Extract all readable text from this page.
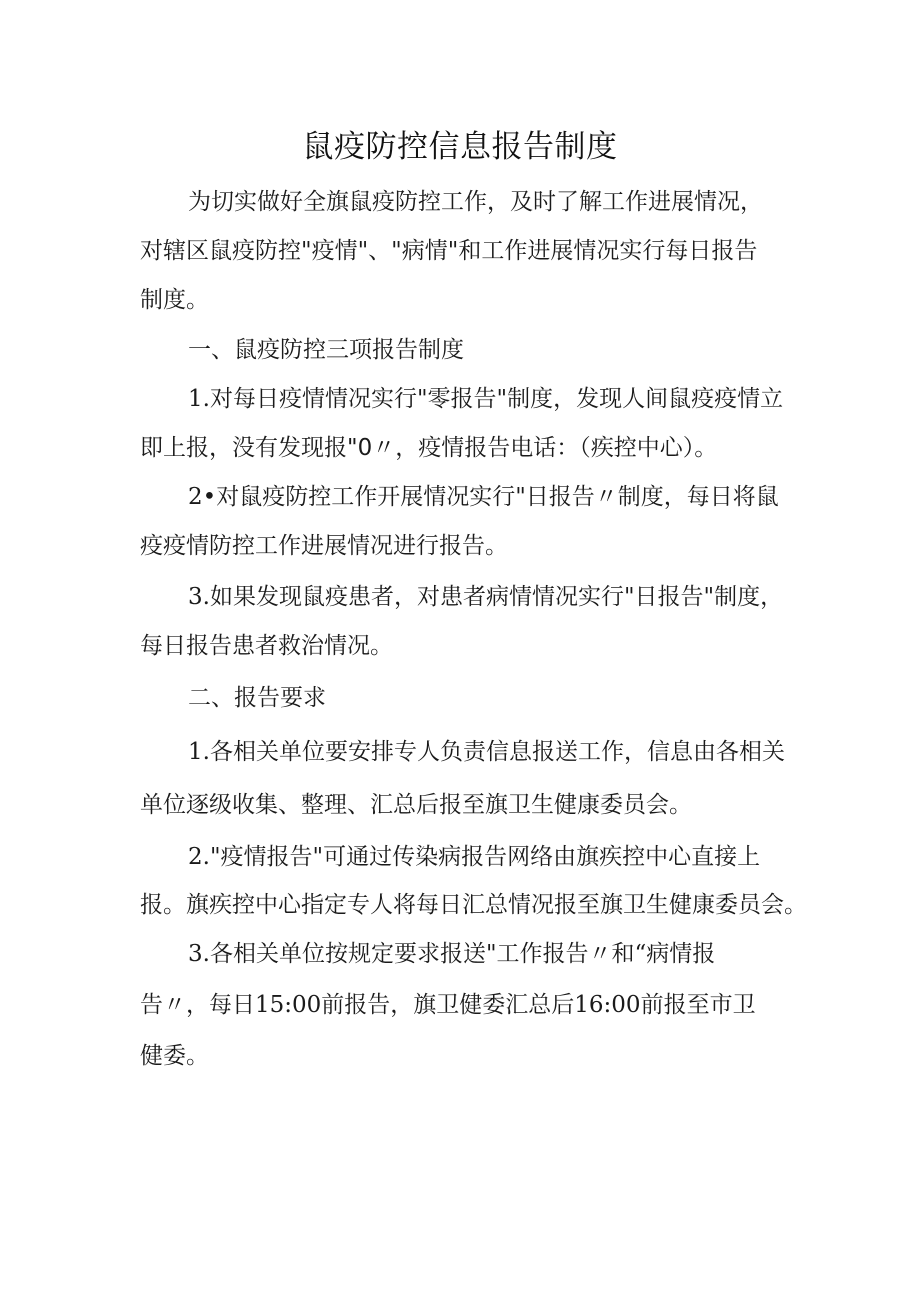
鼠疫防控信息报告制度

为切实做好全旗鼠疫防控工作，及时了解工作进展情况，

对辖区鼠疫防控"疫情"、"病情"和工作进展情况实行每日报告

制度。

一、鼠疫防控三项报告制度

1.对每日疫情情况实行"零报告"制度，发现人间鼠疫疫情立

即上报，没有发现报"0〃，疫情报告电话：（疾控中心）。

2•对鼠疫防控工作开展情况实行"日报告〃制度，每日将鼠

疫疫情防控工作进展情况进行报告。

3.如果发现鼠疫患者，对患者病情情况实行"日报告"制度，

每日报告患者救治情况。

二、报告要求

1.各相关单位要安排专人负责信息报送工作，信息由各相关

单位逐级收集、整理、汇总后报至旗卫生健康委员会。

2."疫情报告"可通过传染病报告网络由旗疾控中心直接上

报。旗疾控中心指定专人将每日汇总情况报至旗卫生健康委员会。

3.各相关单位按规定要求报送"工作报告〃和“病情报

告〃，每日15:00前报告，旗卫健委汇总后16:00前报至市卫

健委。
